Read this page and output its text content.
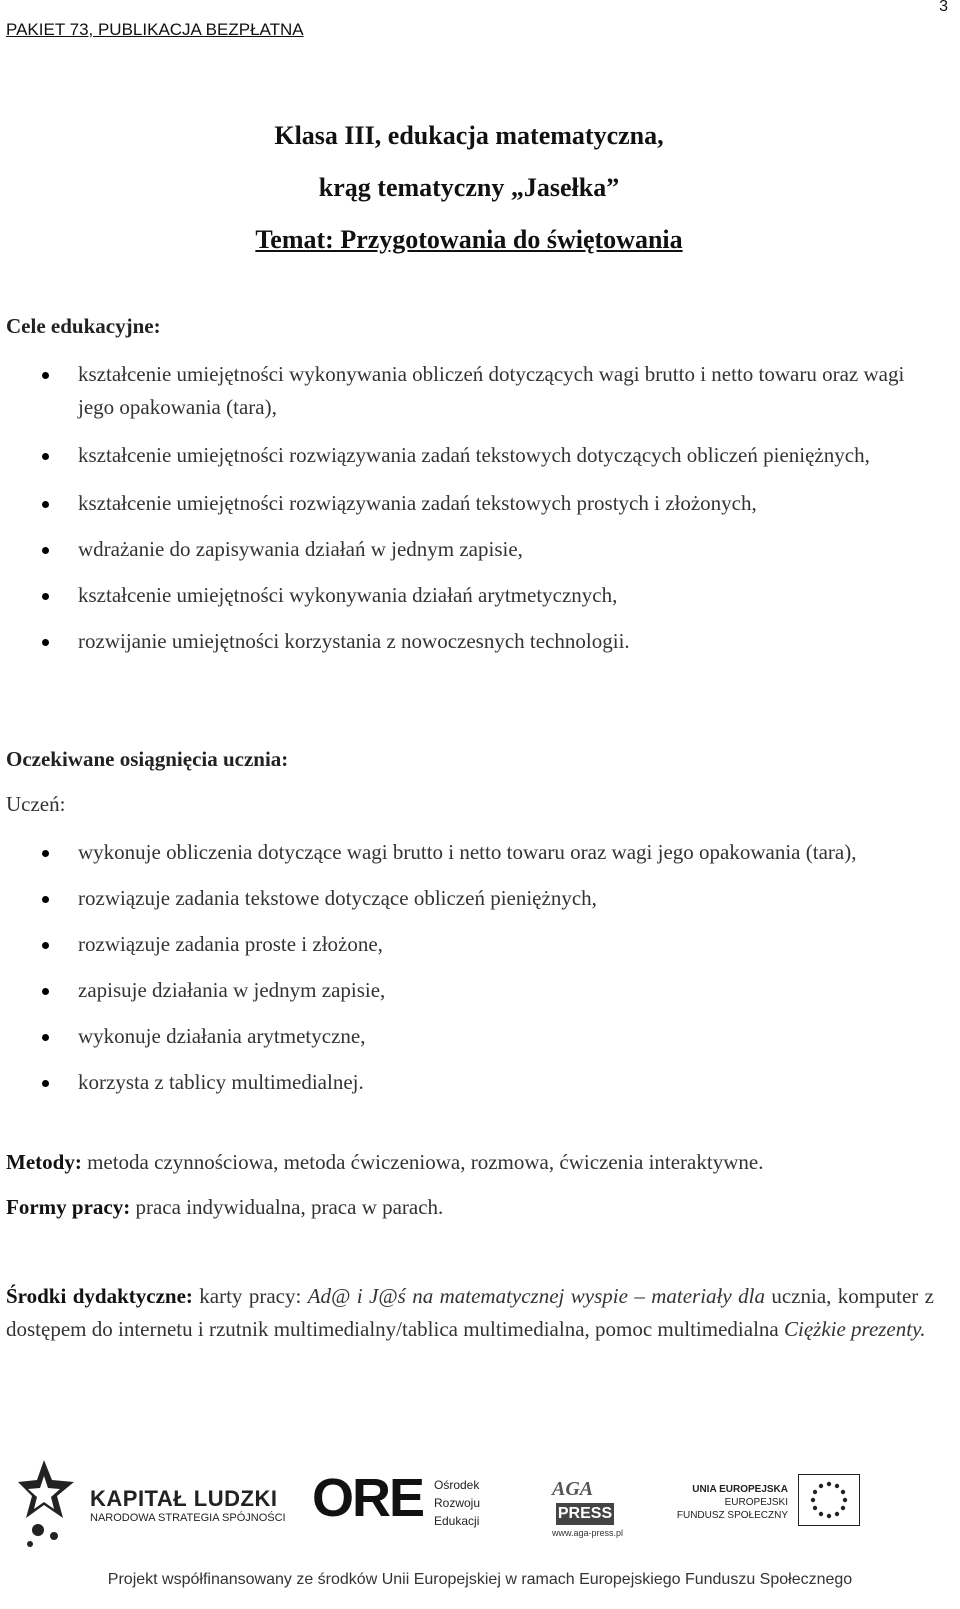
PAKIET 73, PUBLIKACJA BEZPŁATNA
3
Klasa III, edukacja matematyczna,
krąg tematyczny „Jasełka”
Temat: Przygotowania do świętowania
Cele edukacyjne:
kształcenie umiejętności wykonywania obliczeń dotyczących wagi brutto i netto towaru oraz wagi jego opakowania (tara),
kształcenie umiejętności rozwiązywania zadań tekstowych dotyczących obliczeń pieniężnych,
kształcenie umiejętności rozwiązywania zadań tekstowych prostych i złożonych,
wdrażanie do zapisywania działań w jednym zapisie,
kształcenie umiejętności wykonywania działań arytmetycznych,
rozwijanie umiejętności korzystania z nowoczesnych technologii.
Oczekiwane osiągnięcia ucznia:
Uczeń:
wykonuje obliczenia dotyczące wagi brutto i netto towaru oraz wagi jego opakowania (tara),
rozwiązuje zadania tekstowe dotyczące obliczeń pieniężnych,
rozwiązuje zadania proste i złożone,
zapisuje działania w jednym zapisie,
wykonuje działania arytmetyczne,
korzysta z tablicy multimedialnej.
Metody: metoda czynnościowa, metoda ćwiczeniowa, rozmowa, ćwiczenia interaktywne.
Formy pracy: praca indywidualna, praca w parach.
Środki dydaktyczne: karty pracy: Ad@ i J@ś na matematycznej wyspie – materiały dla ucznia, komputer z dostępem do internetu i rzutnik multimedialny/tablica multimedialna, pomoc multimedialna Ciężkie prezenty.
KAPITAŁ LUDZKI
NARODOWA STRATEGIA SPÓJNOŚCI ORE Ośrodek
Rozwoju
Edukacji
AGA
PRESS
www.aga-press.pl
UNIA EUROPEJSKA
EUROPEJSKI
FUNDUSZ SPOŁECZNY
Projekt współfinansowany ze środków Unii Europejskiej w ramach Europejskiego Funduszu Społecznego
